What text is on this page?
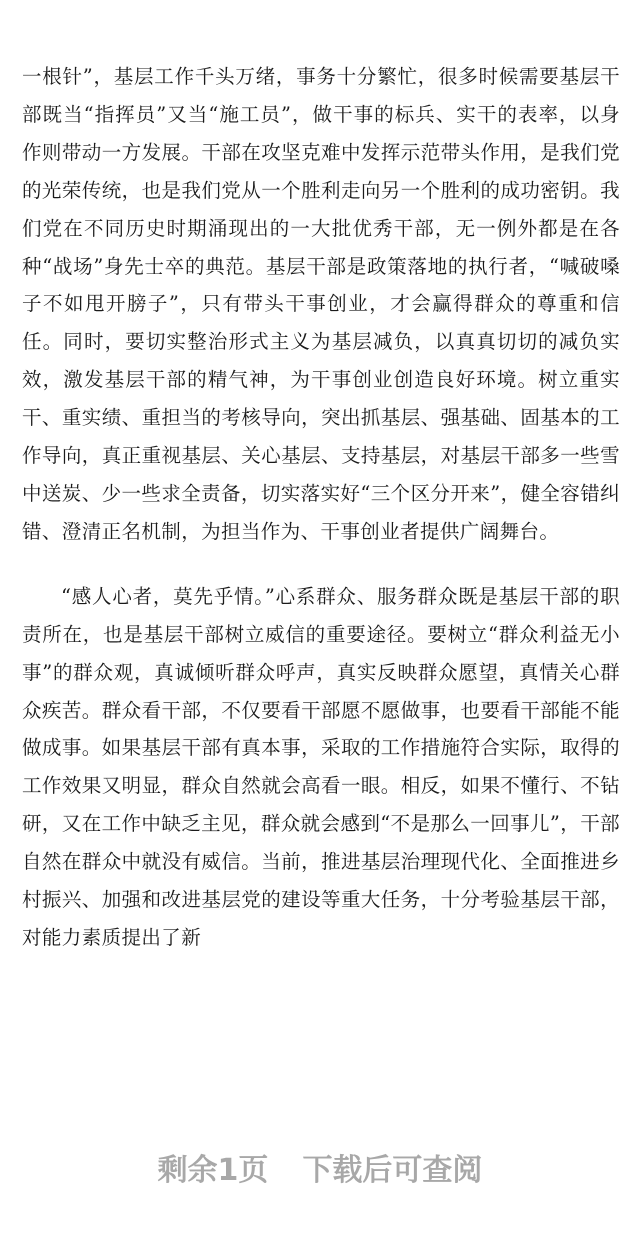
一根针”，基层工作千头万绪，事务十分繁忙，很多时候需要基层干部既当“指挥员”又当“施工员”，做干事的标兵、实干的表率，以身作则带动一方发展。干部在攻坚克难中发挥示范带头作用，是我们党的光荣传统，也是我们党从一个胜利走向另一个胜利的成功密钥。我们党在不同历史时期涌现出的一大批优秀干部，无一例外都是在各种“战场”身先士卒的典范。基层干部是政策落地的执行者，“喊破嗓子不如甩开膀子”，只有带头干事创业，才会赢得群众的尊重和信任。同时，要切实整治形式主义为基层减负，以真真切切的减负实效，激发基层干部的精气神，为干事创业创造良好环境。树立重实干、重实绩、重担当的考核导向，突出抓基层、强基础、固基本的工作导向，真正重视基层、关心基层、支持基层，对基层干部多一些雪中送炭、少一些求全责备，切实落实好“三个区分开来”，健全容错纠错、澄清正名机制，为担当作为、干事创业者提供广阔舞台。

“感人心者，莫先乎情。”心系群众、服务群众既是基层干部的职责所在，也是基层干部树立威信的重要途径。要树立“群众利益无小事”的群众观，真诚倾听群众呼声，真实反映群众愿望，真情关心群众疾苦。群众看干部，不仅要看干部愿不愿做事，也要看干部能不能做成事。如果基层干部有真本事，采取的工作措施符合实际，取得的工作效果又明显，群众自然就会高看一眼。相反，如果不懂行、不钻研，又在工作中缺乏主见，群众就会感到“不是那么一回事儿”，干部自然在群众中就没有威信。当前，推进基层治理现代化、全面推进乡村振兴、加强和改进基层党的建设等重大任务，十分考验基层干部，对能力素质提出了新

剩余1页 下载后可查阅
